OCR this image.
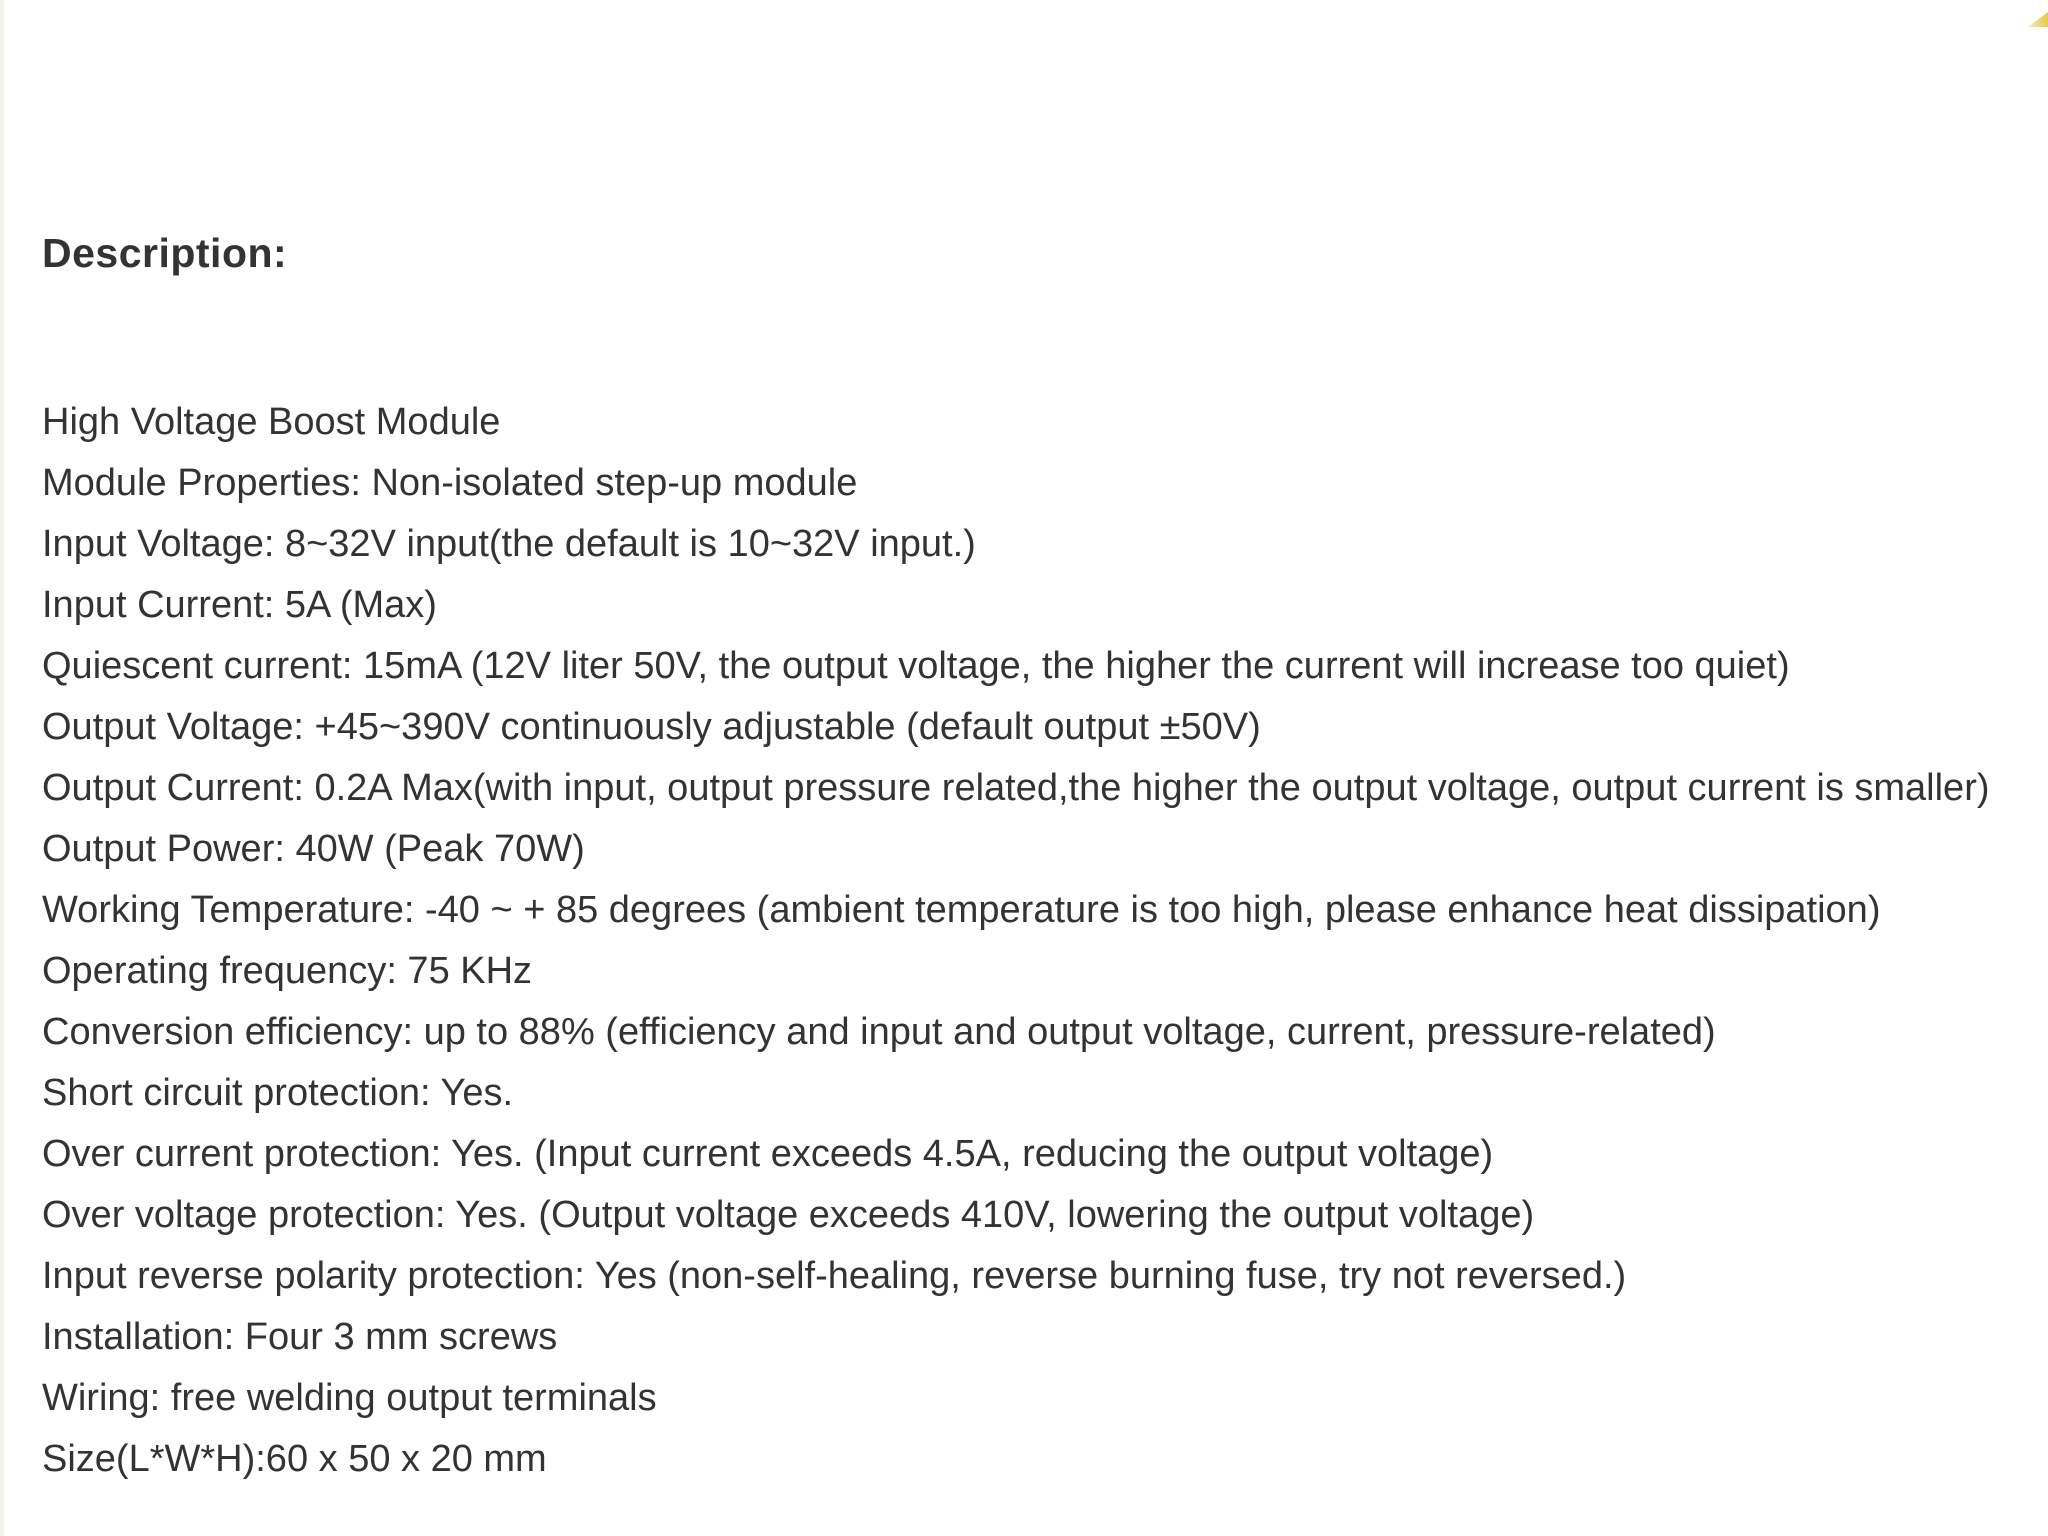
Description:
High Voltage Boost Module
Module Properties: Non-isolated step-up module
Input Voltage: 8~32V input(the default is 10~32V input.)
Input Current: 5A (Max)
Quiescent current: 15mA (12V liter 50V, the output voltage, the higher the current will increase too quiet)
Output Voltage: +45~390V continuously adjustable (default output ±50V)
Output Current: 0.2A Max(with input, output pressure related,the higher the output voltage, output current is smaller)
Output Power: 40W (Peak 70W)
Working Temperature: -40 ~ + 85 degrees (ambient temperature is too high, please enhance heat dissipation)
Operating frequency: 75 KHz
Conversion efficiency: up to 88% (efficiency and input and output voltage, current, pressure-related)
Short circuit protection: Yes.
Over current protection: Yes. (Input current exceeds 4.5A, reducing the output voltage)
Over voltage protection: Yes. (Output voltage exceeds 410V, lowering the output voltage)
Input reverse polarity protection: Yes (non-self-healing, reverse burning fuse, try not reversed.)
Installation: Four 3 mm screws
Wiring: free welding output terminals
Size(L*W*H):60 x 50 x 20 mm
